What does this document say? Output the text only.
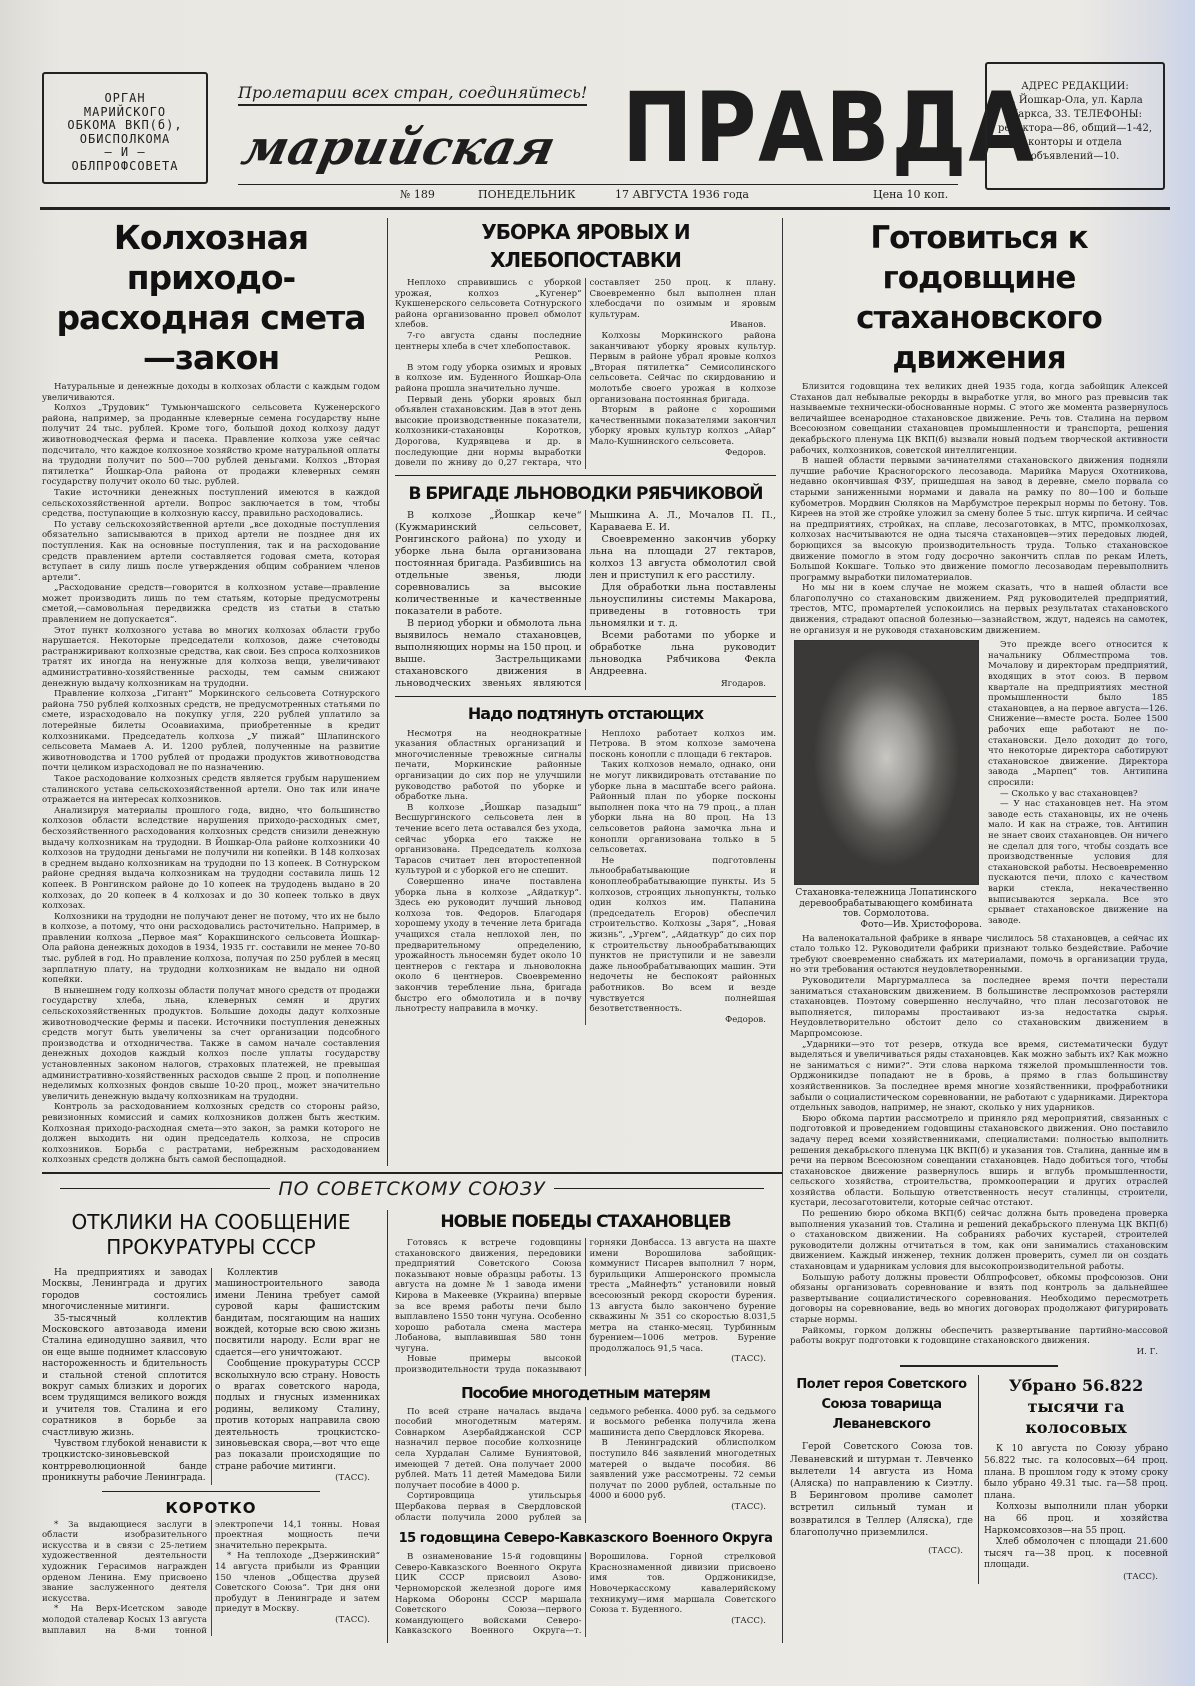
ОРГАН
МАРИЙСКОГО
ОБКОМА ВКП(б),
ОБИСПОЛКОМА
— И —
ОБЛПРОФСОВЕТА
Пролетарии всех стран, соединяйтесь!
марийская ПРАВДА
№ 189	ПОНЕДЕЛЬНИК	17 АВГУСТА 1936 года	Цена 10 коп.
АДРЕС РЕДАКЦИИ:
г. Йошкар-Ола, ул. Карла
Маркса, 33. ТЕЛЕФОНЫ:
редактора—86, общий—1-42,
конторы и отдела
объявлений—10.
Колхозная приходо-расходная смета—закон

Натуральные и денежные доходы в колхозах области с каждым годом увеличиваются.

Колхоз „Трудовик“ Тумьюнчашского сельсовета Куженерского района, например, за проданные клеверные семена государству ныне получит 24 тыс. рублей. Кроме того, большой доход колхозу дадут животноводческая ферма и пасека. Правление колхоза уже сейчас подсчитало, что каждое колхозное хозяйство кроме натуральной оплаты на трудодни получит по 500—700 рублей деньгами. Колхоз „Вторая пятилетка“ Йошкар-Ола района от продажи клеверных семян государству получит около 60 тыс. рублей.

Такие источники денежных поступлений имеются в каждой сельскохозяйственной артели. Вопрос заключается в том, чтобы средства, поступающие в колхозную кассу, правильно расходовались.

По уставу сельскохозяйственной артели „все доходные поступления обязательно записываются в приход артели не позднее дня их поступления. Как на основные поступления, так и на расходование средств правлением артели составляется годовая смета, которая вступает в силу лишь после утверждения общим собранием членов артели“.

„Расходование средств—говорится в колхозном уставе—правление может производить лишь по тем статьям, которые предусмотрены сметой,—самовольная передвижка средств из статьи в статью правлением не допускается“.

Этот пункт колхозного устава во многих колхозах области грубо нарушается. Некоторые председатели колхозов, даже счетоводы растранжиривают колхозные средства, как свои. Без спроса колхозников тратят их иногда на ненужные для колхоза вещи, увеличивают административно-хозяйственные расходы, тем самым снижают денежную выдачу колхозникам на трудодни.

Правление колхоза „Гигант“ Моркинского сельсовета Сотнурского района 750 рублей колхозных средств, не предусмотренных статьями по смете, израсходовало на покупку угля, 220 рублей уплатило за лотерейные билеты Осоавиахима, приобретенные в кредит колхозниками. Председатель колхоза „У пижай“ Шлапинского сельсовета Мамаев А. И. 1200 рублей, полученные на развитие животноводства и 1700 рублей от продажи продуктов животноводства почти целиком израсходовал не по назначению.

Такое расходование колхозных средств является грубым нарушением сталинского устава сельскохозяйственной артели. Оно так или иначе отражается на интересах колхозников.

Анализируя материалы прошлого года, видно, что большинство колхозов области вследствие нарушения приходо-расходных смет, бесхозяйственного расходования колхозных средств снизили денежную выдачу колхозникам на трудодни. В Йошкар-Ола районе колхозники 40 колхозов на трудодни деньгами не получили ни копейки. В 148 колхозах в среднем выдано колхозникам на трудодни по 13 копеек. В Сотнурском районе средняя выдача колхозникам на трудодни составила лишь 12 копеек. В Ронгинском районе до 10 копеек на трудодень выдано в 20 колхозах, до 20 копеек в 4 колхозах и до 30 копеек только в двух колхозах.

Колхозники на трудодни не получают денег не потому, что их не было в колхозе, а потому, что они расходовались расточительно. Например, в правлении колхоза „Первое мая“ Коракшинского сельсовета Йошкар-Ола района денежных доходов в 1934, 1935 гг. составили не менее 70-80 тыс. рублей в год. Но правление колхоза, получая по 250 рублей в месяц зарплатную плату, на трудодни колхозникам не выдало ни одной копейки.

В нынешнем году колхозы области получат много средств от продажи государству хлеба, льна, клеверных семян и других сельскохозяйственных продуктов. Большие доходы дадут колхозные животноводческие фермы и пасеки. Источники поступления денежных средств могут быть увеличены за счет организации подсобного производства и отходничества. Также в самом начале составления денежных доходов каждый колхоз после уплаты государству установленных законом налогов, страховых платежей, не превышая административно-хозяйственных расходов свыше 2 проц. и пополнение неделимых колхозных фондов свыше 10-20 проц., может значительно увеличить денежную выдачу колхозникам на трудодни.

Контроль за расходованием колхозных средств со стороны райзо, ревизионных комиссий и самих колхозников должен быть жестким. Колхозная приходо-расходная смета—это закон, за рамки которого не должен выходить ни один председатель колхоза, не спросив колхозников. Борьба с растратами, небрежным расходованием колхозных средств должна быть самой беспощадной.

УБОРКА ЯРОВЫХ И ХЛЕБОПОСТАВКИ

Неплохо справившись с уборкой урожая, колхоз „Кугенер“ Кукшенерского сельсовета Сотнурского района организованно провел обмолот хлебов.

7-го августа сданы последние центнеры хлеба в счет хлебопоставок.

Решков.

В этом году уборка озимых и яровых в колхозе им. Буденного Йошкар-Ола района прошла значительно лучше.

Первый день уборки яровых был объявлен стахановским. Дав в этот день высокие производственные показатели, колхозники-стахановцы Коротков, Дорогова, Кудрявцева и др. в последующие дни нормы выработки довели по жниву до 0,27 гектара, что составляет 250 проц. к плану. Своевременно был выполнен план хлебосдачи по озимым и яровым культурам.

Иванов.

Колхозы Моркинского района заканчивают уборку яровых культур. Первым в районе убрал яровые колхоз „Вторая пятилетка“ Семисолинского сельсовета. Сейчас по скирдованию и молотьбе своего урожая в колхозе организована постоянная бригада.

Вторым в районе с хорошими качественными показателями закончил уборку яровых культур колхоз „Айар“ Мало-Кушнинского сельсовета.

Федоров.
В БРИГАДЕ ЛЬНОВОДКИ РЯБЧИКОВОЙ

В колхозе „Йошкар кече“ (Кужмаринский сельсовет, Ронгинского района) по уходу и уборке льна была организована постоянная бригада. Разбившись на отдельные звенья, люди соревновались за высокие количественные и качественные показатели в работе.

В период уборки и обмолота льна выявилось немало стахановцев, выполняющих нормы на 150 проц. и выше. Застрельщиками стахановского движения в льноводческих звеньях являются Мышкина А. Л., Мочалов П. П., Караваева Е. И.

Своевременно закончив уборку льна на площади 27 гектаров, колхоз 13 августа обмолотил свой лен и приступил к его расстилу.

Для обработки льна поставлены льноуспилины системы Макарова, приведены в готовность три льномялки и т. д.

Всеми работами по уборке и обработке льна руководит льноводка Рябчикова Фекла Андреевна.

Ягодаров.
Надо подтянуть отстающих

Несмотря на неоднократные указания областных организаций и многочисленные тревожные сигналы печати, Моркинские районные организации до сих пор не улучшили руководство работой по уборке и обработке льна.

В колхозе „Йошкар пазадыш“ Весшургинского сельсовета лен в течение всего лета оставался без ухода, сейчас уборка его также не организована. Председатель колхоза Тарасов считает лен второстепенной культурой и с уборкой его не спешит.

Совершенно иначе поставлена уборка льна в колхозе „Айдаткур“. Здесь ею руководит лучший льновод колхоза тов. Федоров. Благодаря хорошему уходу в течение лета бригада учащихся стала неплохой лен, по предварительному определению, урожайность льносемян будет около 10 центнеров с гектара и льноволокна около 6 центнеров. Своевременно закончив теребление льна, бригада быстро его обмолотила и в почву льнотресту направила в мочку.

Неплохо работает колхоз им. Петрова. В этом колхозе замочена посконь конопли с площади 6 гектаров.

Таких колхозов немало, однако, они не могут ликвидировать отставание по уборке льна в масштабе всего района. Районный план по уборке посконы выполнен пока что на 79 проц., а план уборки льна на 80 проц. На 13 сельсоветов района замочка льна и конопли организована только в 5 сельсоветах.

Не подготовлены льнообрабатывающие и коноплеобрабатывающие пункты. Из 5 колхозов, строящих льнопункты, только один колхоз им. Папанина (председатель Егоров) обеспечил строительство. Колхозы „Заря“, „Новая жизнь“, „Ургем“, „Айдаткур“ до сих пор к строительству льнообрабатывающих пунктов не приступили и не завезли даже льнообрабатывающих машин. Эти недочеты не беспокоят районных работников. Во всем и везде чувствуется полнейшая безответственность.

Федоров.
ПО СОВЕТСКОМУ СОЮЗУ
ОТКЛИКИ НА СООБЩЕНИЕ ПРОКУРАТУРЫ СССР

На предприятиях и заводах Москвы, Ленинграда и других городов состоялись многочисленные митинги.

35-тысячный коллектив Московского автозавода имени Сталина единодушно заявил, что он еще выше поднимет классовую настороженность и бдительность и стальной стеной сплотится вокруг самых близких и дорогих всем трудящимся великого вождя и учителя тов. Сталина и его соратников в борьбе за счастливую жизнь.

Чувством глубокой ненависти к троцкистско-зиновьевской контрреволюционной банде проникнуты рабочие Ленинграда.

Коллектив машиностроительного завода имени Ленина требует самой суровой кары фашистским бандитам, посягающим на наших вождей, которые всю свою жизнь посвятили народу. Если враг не сдается—его уничтожают.

Сообщение прокуратуры СССР всколыхнуло всю страну. Новость о врагах советского народа, подлых и гнусных изменниках родины, великому Сталину, против которых направила свою деятельность троцкистско-зиновьевская свора,—вот что еще раз показали происходящие по стране рабочие митинги.

(ТАСС).
КОРОТКО

* За выдающиеся заслуги в области изобразительного искусства и в связи с 25-летием художественной деятельности художник Герасимов награжден орденом Ленина. Ему присвоено звание заслуженного деятеля искусства.

* На Верх-Исетском заводе молодой сталевар Косых 13 августа выплавил на 8-ми тонной электропечи 14,1 тонны. Новая проектная мощность печи значительно перекрыта.

* На теплоходе „Дзержинский“ 14 августа прибыли из Франции 150 членов „Общества друзей Советского Союза“. Три дня они пробудут в Ленинграде и затем приедут в Москву.

(ТАСС).
НОВЫЕ ПОБЕДЫ СТАХАНОВЦЕВ

Готовясь к встрече годовщины стахановского движения, передовики предприятий Советского Союза показывают новые образцы работы. 13 августа на домне № 1 завода имени Кирова в Макеевке (Украина) впервые за все время работы печи было выплавлено 1550 тонн чугуна. Особенно хорошо работала смена мастера Лобанова, выплавившая 580 тонн чугуна.

Новые примеры высокой производительности труда показывают горняки Донбасса. 13 августа на шахте имени Ворошилова забойщик-коммунист Писарев выполнил 7 норм, бурильщики Апшеронского промысла треста „Майнефть“ установили новый всесоюзный рекорд скорости бурения. 13 августа было закончено бурение скважины № 351 со скоростью 8.031,5 метра на станко-месяц. Турбинным бурением—1006 метров. Бурение продолжалось 91,5 часа.

(ТАСС).
Пособие многодетным матерям

По всей стране началась выдача пособий многодетным матерям. Совнарком Азербайджанской ССР назначил первое пособие колхознице села Хурдалан Салиме Буниятовой, имеющей 7 детей. Она получает 2000 рублей. Мать 11 детей Мамедова Били получает пособие в 4000 р.

Сортировщица утильсырья Щербакова первая в Свердловской области получила 2000 рублей за седьмого ребенка. 4000 руб. за седьмого и восьмого ребенка получила жена машиниста депо Свердловск Якорева.

В Ленинградский облисполком поступило 846 заявлений многодетных матерей о выдаче пособия. 86 заявлений уже рассмотрены. 72 семьи получат по 2000 рублей, остальные по 4000 и 6000 руб.

(ТАСС).
15 годовщина Северо-Кавказского Военного Округа

В ознаменование 15-й годовщины Северо-Кавказского Военного Округа ЦИК СССР присвоил Азово-Черноморской железной дороге имя Наркома Обороны СССР маршала Советского Союза—первого командующего войсками Северо-Кавказского Военного Округа—т. Ворошилова. Горной стрелковой Краснознаменной дивизии присвоено имя тов. Орджоникидзе, Новочеркасскому кавалерийскому техникуму—имя маршала Советского Союза т. Буденного.

(ТАСС).
Готовиться к годовщине стахановского движения

Близится годовщина тех великих дней 1935 года, когда забойщик Алексей Стаханов дал небывалые рекорды в выработке угля, во много раз превысив так называемые технически-обоснованные нормы. С этого же момента развернулось величайшее всенародное стахановское движение. Речь тов. Сталина на первом Всесоюзном совещании стахановцев промышленности и транспорта, решения декабрьского пленума ЦК ВКП(б) вызвали новый подъем творческой активности рабочих, колхозников, советской интеллигенции.

В нашей области первыми зачинателями стахановского движения подняли лучшие рабочие Красногорского лесозавода. Марийка Маруся Охотникова, недавно окончившая ФЗУ, пришедшая на завод в деревне, смело порвала со старыми заниженными нормами и давала на рамку по 80—100 и больше кубометров. Мордвин Сюляков на Марбумстрое перекрыл нормы по бетону. Тов. Киреев на этой же стройке уложил за смену более 5 тыс. штук кирпича. И сейчас на предприятиях, стройках, на сплаве, лесозаготовках, в МТС, промколхозах, колхозах насчитываются не одна тысяча стахановцев—этих передовых людей, борющихся за высокую производительность труда. Только стахановское движение помогло в этом году досрочно закончить сплав по рекам Илеть, Большой Кокшаге. Только это движение помогло лесозаводам перевыполнить программу выработки пиломатериалов.

Но мы ни в коем случае не можем сказать, что в нашей области все благополучно со стахановским движением. Ряд руководителей предприятий, трестов, МТС, промартелей успокоились на первых результатах стахановского движения, страдают опасной болезнью—зазнайством, ждут, надеясь на самотек, не организуя и не руководя стахановским движением.

Стахановка-тележница Лопатинского деревообрабатывающего комбината тов. Сормолотова.
Фото—Ив. Христофорова.

Это прежде всего относится к начальнику Облместпрома тов. Мочалову и директорам предприятий, входящих в этот союз. В первом квартале на предприятиях местной промышленности было 185 стахановцев, а на первое августа—126. Снижение—вместе роста. Более 1500 рабочих еще работают не по-стахановски. Дело доходит до того, что некоторые директора саботируют стахановское движение. Директора завода „Марпец“ тов. Антипина спросили:

— Сколько у вас стахановцев?

— У нас стахановцев нет. На этом заводе есть стахановцы, их не очень мало. И как на страже, тов. Антипин не знает своих стахановцев. Он ничего не сделал для того, чтобы создать все производственные условия для стахановской работы. Несвоевременно пускаются печи, плохо с качеством варки стекла, некачественно выписываются зеркала. Все это срывает стахановское движение на заводе.

На валенокатальной фабрике в январе числилось 58 стахановцев, а сейчас их стало только 12. Руководители фабрики признают только бездействие. Рабочие требуют своевременно снабжать их материалами, помочь в организации труда, но эти требования остаются неудовлетворенными.

Руководители Маргурмаллеса за последнее время почти перестали заниматься стахановским движением. В большинстве леспромхозов растеряли стахановцев. Поэтому совершенно неслучайно, что план лесозаготовок не выполняется, пилорамы простаивают из-за недостатка сырья. Неудовлетворительно обстоит дело со стахановским движением в Марпромсоюзе.

„Ударники—это тот резерв, откуда все время, систематически будут выделяться и увеличиваться ряды стахановцев. Как можно забыть их? Как можно не заниматься с ними?“. Эти слова наркома тяжелой промышленности тов. Орджоникидзе попадают не в бровь, а прямо в глаз большинству хозяйственников. За последнее время многие хозяйственники, профработники забыли о социалистическом соревновании, не работают с ударниками. Директора отдельных заводов, например, не знают, сколько у них ударников.

Бюро обкома партии рассмотрело и приняло ряд мероприятий, связанных с подготовкой и проведением годовщины стахановского движения. Оно поставило задачу перед всеми хозяйственниками, специалистами: полностью выполнить решения декабрьского пленума ЦК ВКП(б) и указания тов. Сталина, данные им в речи на первом Всесоюзном совещании стахановцев. Надо добиться того, чтобы стахановское движение развернулось вширь и вглубь промышленности, сельского хозяйства, строительства, промкооперации и других отраслей хозяйства области. Большую ответственность несут сталинцы, строители, кустари, лесозаготовители, которые сейчас отстают.

По решению бюро обкома ВКП(б) сейчас должна быть проведена проверка выполнения указаний тов. Сталина и решений декабрьского пленума ЦК ВКП(б) о стахановском движении. На собраниях рабочих кустарей, строителей руководители должны отчитаться в том, как они занимались стахановским движением. Каждый инженер, техник должен проверить, сумел ли он создать стахановцам и ударникам условия для высокопроизводительной работы.

Большую работу должны провести Облпрофсовет, обкомы профсоюзов. Они обязаны организовать соревнование и взять под контроль за дальнейшее развертывание социалистического соревнования. Необходимо пересмотреть договоры на соревнование, ведь во многих договорах продолжают фигурировать старые нормы.

Райкомы, горком должны обеспечить развертывание партийно-массовой работы вокруг подготовки к годовщине стахановского движения.

И. Г.
Полет героя Советского Союза товарища Леваневского

Герой Советского Союза тов. Леваневский и штурман т. Левченко вылетели 14 августа из Нома (Аляска) по направлению к Сиэтлу. В Беринговом проливе самолет встретил сильный туман и возвратился в Теллер (Аляска), где благополучно приземлился.

(ТАСС).
Убрано 56.822 тысячи га колосовых

К 10 августа по Союзу убрано 56.822 тыс. га колосовых—64 проц. плана. В прошлом году к этому сроку было убрано 49.31 тыс. га—58 проц. плана.

Колхозы выполнили план уборки на 66 проц. и хозяйства Наркомсовхозов—на 55 проц.

Хлеб обмолочен с площади 21.600 тысяч га—38 проц. к посевной площади.

(ТАСС).
